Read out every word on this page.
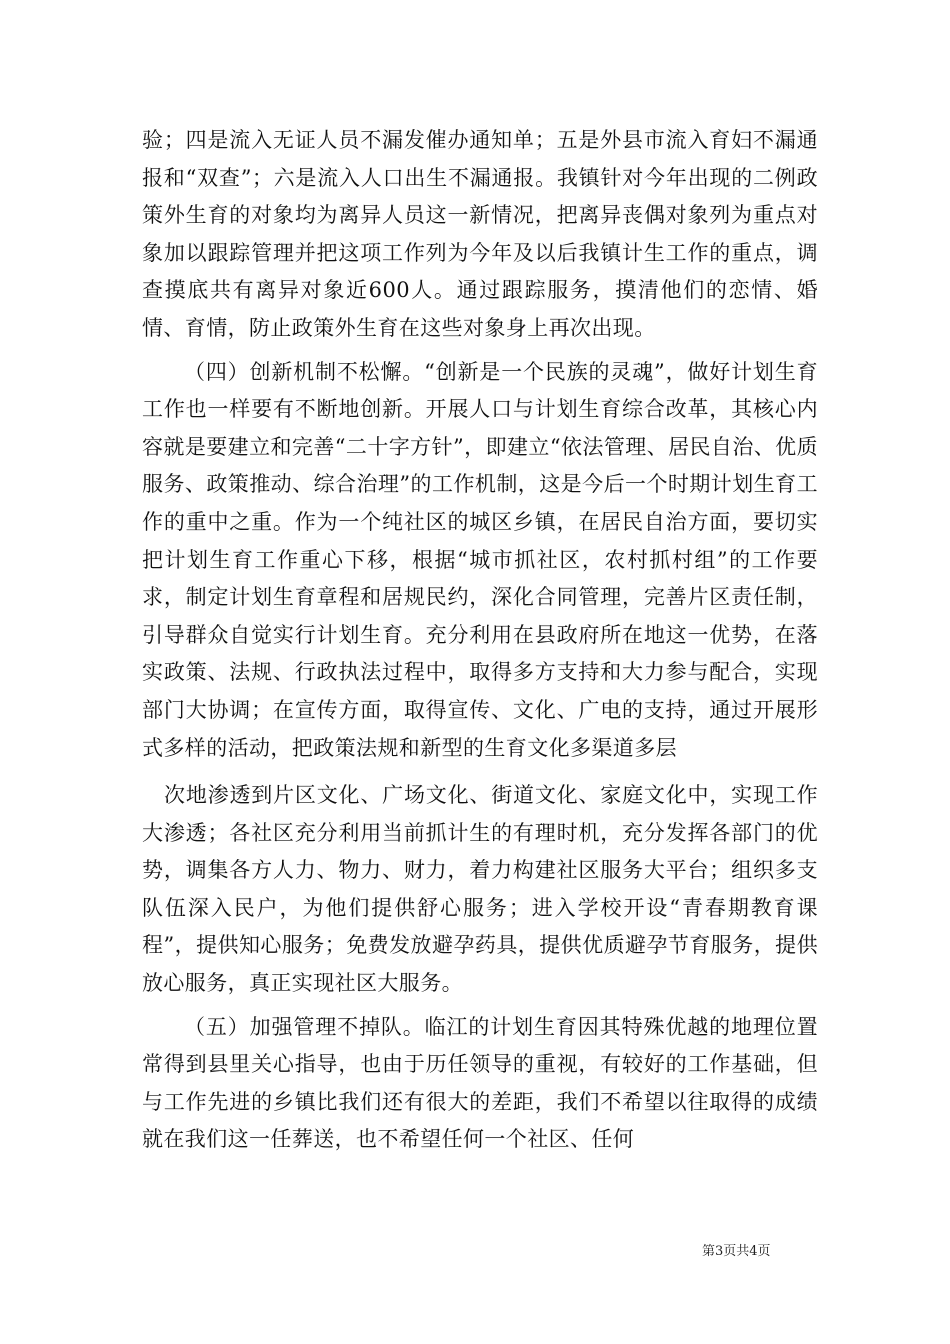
验；四是流入无证人员不漏发催办通知单；五是外县市流入育妇不漏通报和“双查”；六是流入人口出生不漏通报。我镇针对今年出现的二例政策外生育的对象均为离异人员这一新情况，把离异丧偶对象列为重点对象加以跟踪管理并把这项工作列为今年及以后我镇计生工作的重点，调查摸底共有离异对象近600人。通过跟踪服务，摸清他们的恋情、婚情、育情，防止政策外生育在这些对象身上再次出现。

（四）创新机制不松懈。“创新是一个民族的灵魂”，做好计划生育工作也一样要有不断地创新。开展人口与计划生育综合改革，其核心内容就是要建立和完善“二十字方针”，即建立“依法管理、居民自治、优质服务、政策推动、综合治理”的工作机制，这是今后一个时期计划生育工作的重中之重。作为一个纯社区的城区乡镇，在居民自治方面，要切实把计划生育工作重心下移，根据“城市抓社区，农村抓村组”的工作要求，制定计划生育章程和居规民约，深化合同管理，完善片区责任制，引导群众自觉实行计划生育。充分利用在县政府所在地这一优势，在落实政策、法规、行政执法过程中，取得多方支持和大力参与配合，实现部门大协调；在宣传方面，取得宣传、文化、广电的支持，通过开展形式多样的活动，把政策法规和新型的生育文化多渠道多层

次地渗透到片区文化、广场文化、街道文化、家庭文化中，实现工作大渗透；各社区充分利用当前抓计生的有理时机，充分发挥各部门的优势，调集各方人力、物力、财力，着力构建社区服务大平台；组织多支队伍深入民户，为他们提供舒心服务；进入学校开设“青春期教育课程”，提供知心服务；免费发放避孕药具，提供优质避孕节育服务，提供放心服务，真正实现社区大服务。

（五）加强管理不掉队。临江的计划生育因其特殊优越的地理位置常得到县里关心指导，也由于历任领导的重视，有较好的工作基础，但与工作先进的乡镇比我们还有很大的差距，我们不希望以往取得的成绩就在我们这一任葬送，也不希望任何一个社区、任何

第3页共4页
